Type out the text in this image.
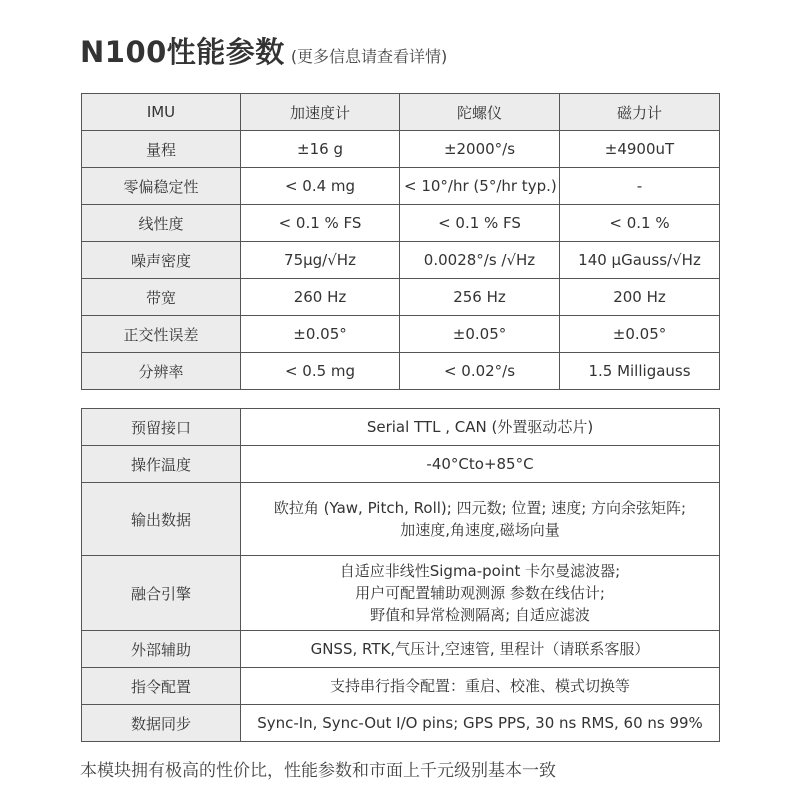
N100性能参数 (更多信息请查看详情)
IMU	加速度计	陀螺仪	磁力计
量程	±16 g	±2000°/s	±4900uT
零偏稳定性	< 0.4 mg	< 10°/hr (5°/hr typ.)	-
线性度	< 0.1 % FS	< 0.1 % FS	< 0.1 %
噪声密度	75μg/√Hz	0.0028°/s /√Hz	140 μGauss/√Hz
带宽	260 Hz	256 Hz	200 Hz
正交性误差	±0.05°	±0.05°	±0.05°
分辨率	< 0.5 mg	< 0.02°/s	1.5 Milligauss
预留接口	Serial TTL , CAN (外置驱动芯片)

操作温度	-40°Cto+85°C

输出数据	欧拉角 (Yaw, Pitch, Roll); 四元数; 位置; 速度; 方向余弦矩阵;
加速度,角速度,磁场向量

融合引擎	自适应非线性Sigma-point 卡尔曼滤波器;
用户可配置辅助观测源 参数在线估计;
野值和异常检测隔离; 自适应滤波

外部辅助	GNSS, RTK,气压计,空速管, 里程计（请联系客服）

指令配置	支持串行指令配置：重启、校准、模式切换等

数据同步	Sync-In, Sync-Out I/O pins; GPS PPS, 30 ns RMS, 60 ns 99%
本模块拥有极高的性价比，性能参数和市面上千元级别基本一致
